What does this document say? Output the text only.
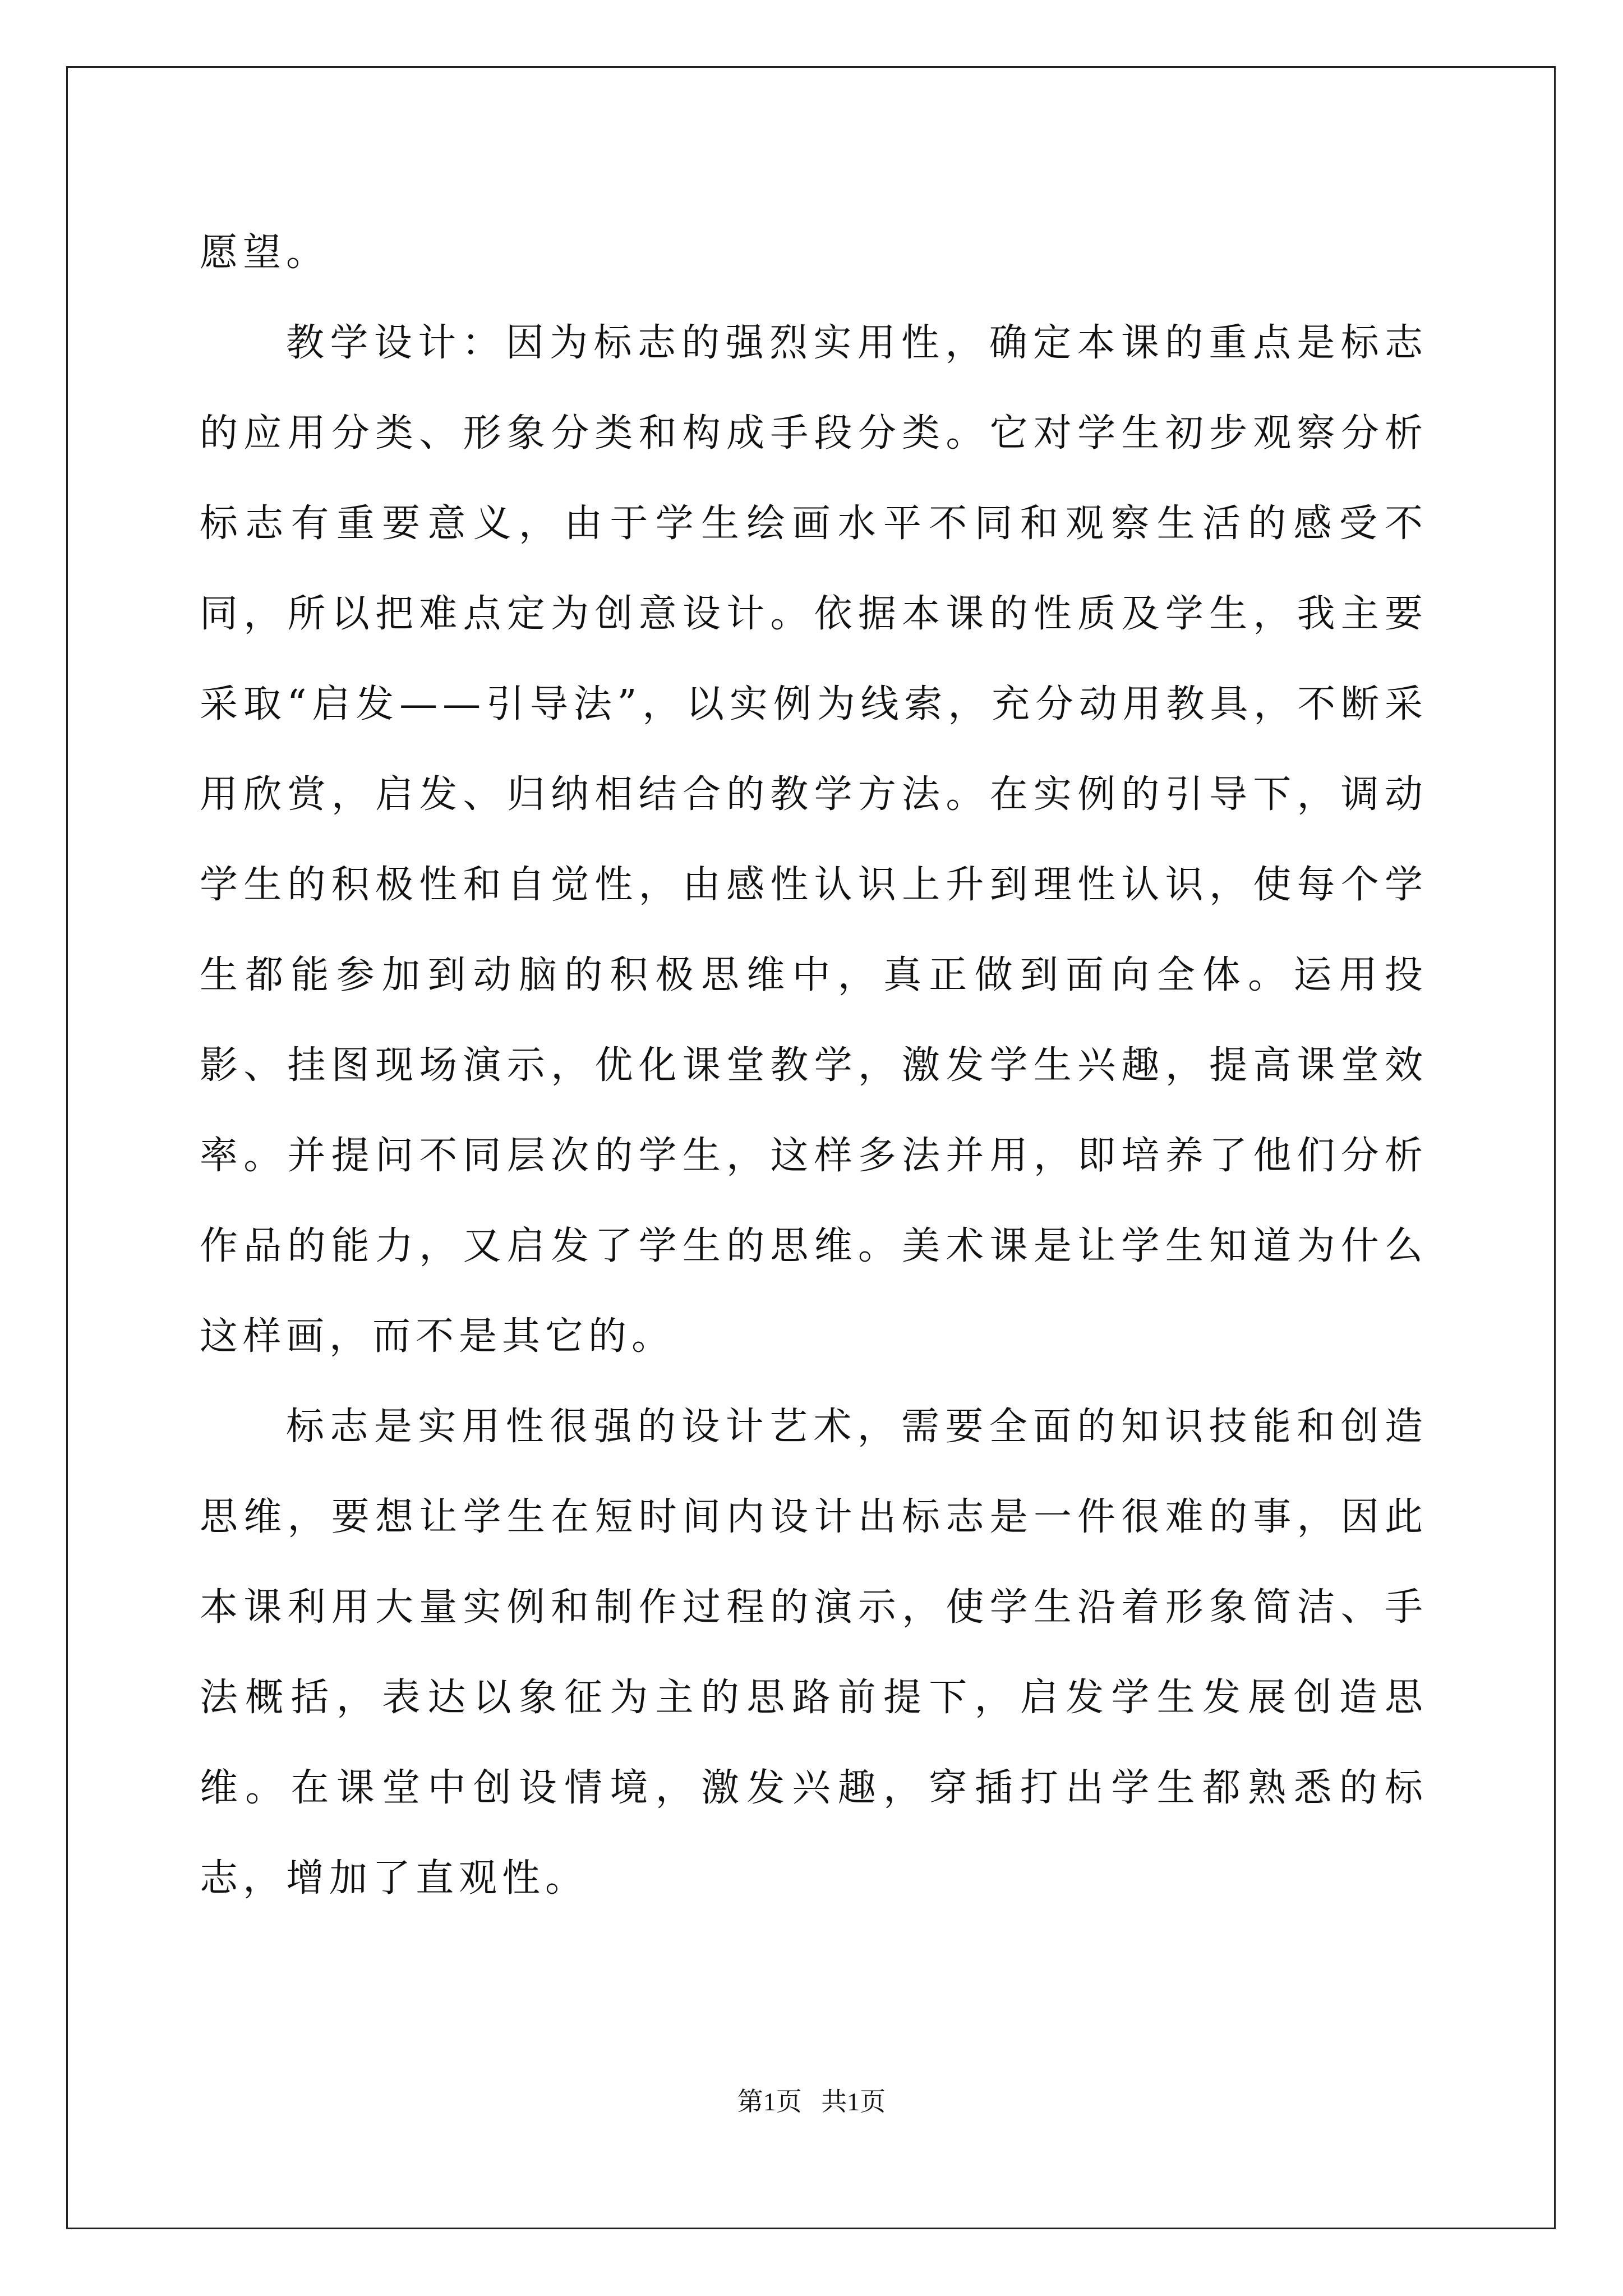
愿望。

教学设计：因为标志的强烈实用性，确定本课的重点是标志的应用分类、形象分类和构成手段分类。它对学生初步观察分析标志有重要意义，由于学生绘画水平不同和观察生活的感受不同，所以把难点定为创意设计。依据本课的性质及学生，我主要采取“启发——引导法”，以实例为线索，充分动用教具，不断采用欣赏，启发、归纳相结合的教学方法。在实例的引导下，调动学生的积极性和自觉性，由感性认识上升到理性认识，使每个学生都能参加到动脑的积极思维中，真正做到面向全体。运用投影、挂图现场演示，优化课堂教学，激发学生兴趣，提高课堂效率。并提问不同层次的学生，这样多法并用，即培养了他们分析作品的能力，又启发了学生的思维。美术课是让学生知道为什么这样画，而不是其它的。

标志是实用性很强的设计艺术，需要全面的知识技能和创造思维，要想让学生在短时间内设计出标志是一件很难的事，因此本课利用大量实例和制作过程的演示，使学生沿着形象简洁、手法概括，表达以象征为主的思路前提下，启发学生发展创造思维。在课堂中创设情境，激发兴趣，穿插打出学生都熟悉的标志，增加了直观性。

第1页 共1页
